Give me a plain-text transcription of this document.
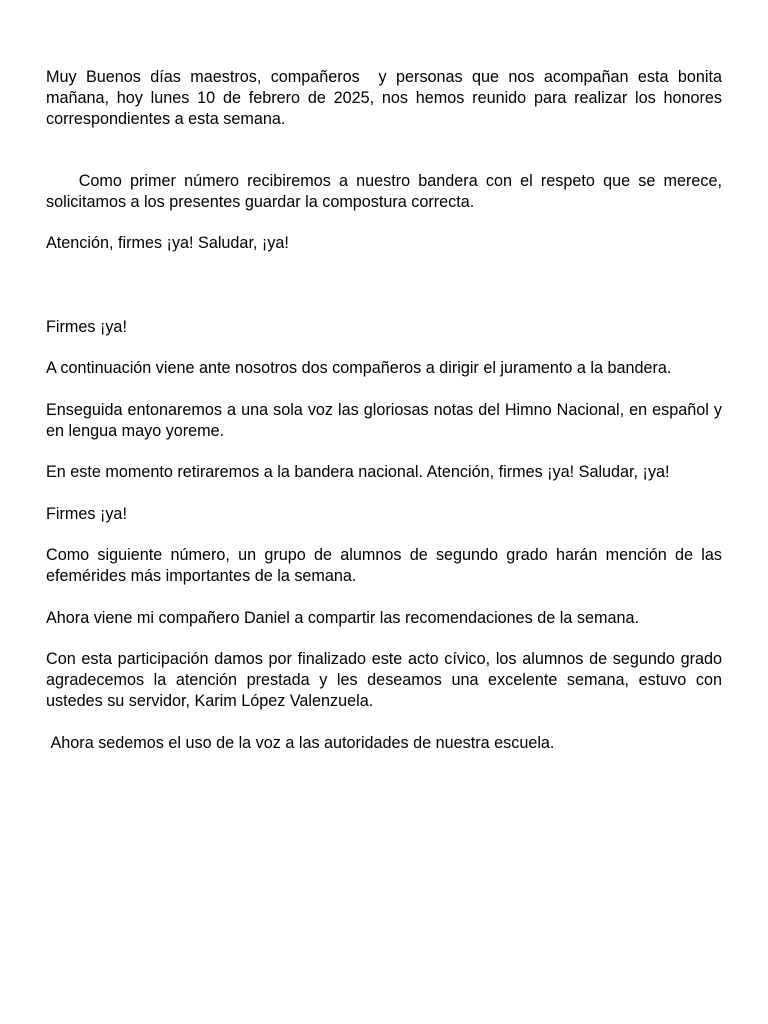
Muy Buenos días maestros, compañeros  y personas que nos acompañan esta bonita mañana, hoy lunes 10 de febrero de 2025, nos hemos reunido para realizar los honores correspondientes a esta semana.

Como primer número recibiremos a nuestro bandera con el respeto que se merece, solicitamos a los presentes guardar la compostura correcta.

Atención, firmes ¡ya! Saludar, ¡ya!

Firmes ¡ya!

A continuación viene ante nosotros dos compañeros a dirigir el juramento a la bandera.

Enseguida entonaremos a una sola voz las gloriosas notas del Himno Nacional, en español y en lengua mayo yoreme.

En este momento retiraremos a la bandera nacional. Atención, firmes ¡ya! Saludar, ¡ya!

Firmes ¡ya!

Como siguiente número, un grupo de alumnos de segundo grado harán mención de las efemérides más importantes de la semana.

Ahora viene mi compañero Daniel a compartir las recomendaciones de la semana.

Con esta participación damos por finalizado este acto cívico, los alumnos de segundo grado agradecemos la atención prestada y les deseamos una excelente semana, estuvo con ustedes su servidor, Karim López Valenzuela.

Ahora sedemos el uso de la voz a las autoridades de nuestra escuela.
